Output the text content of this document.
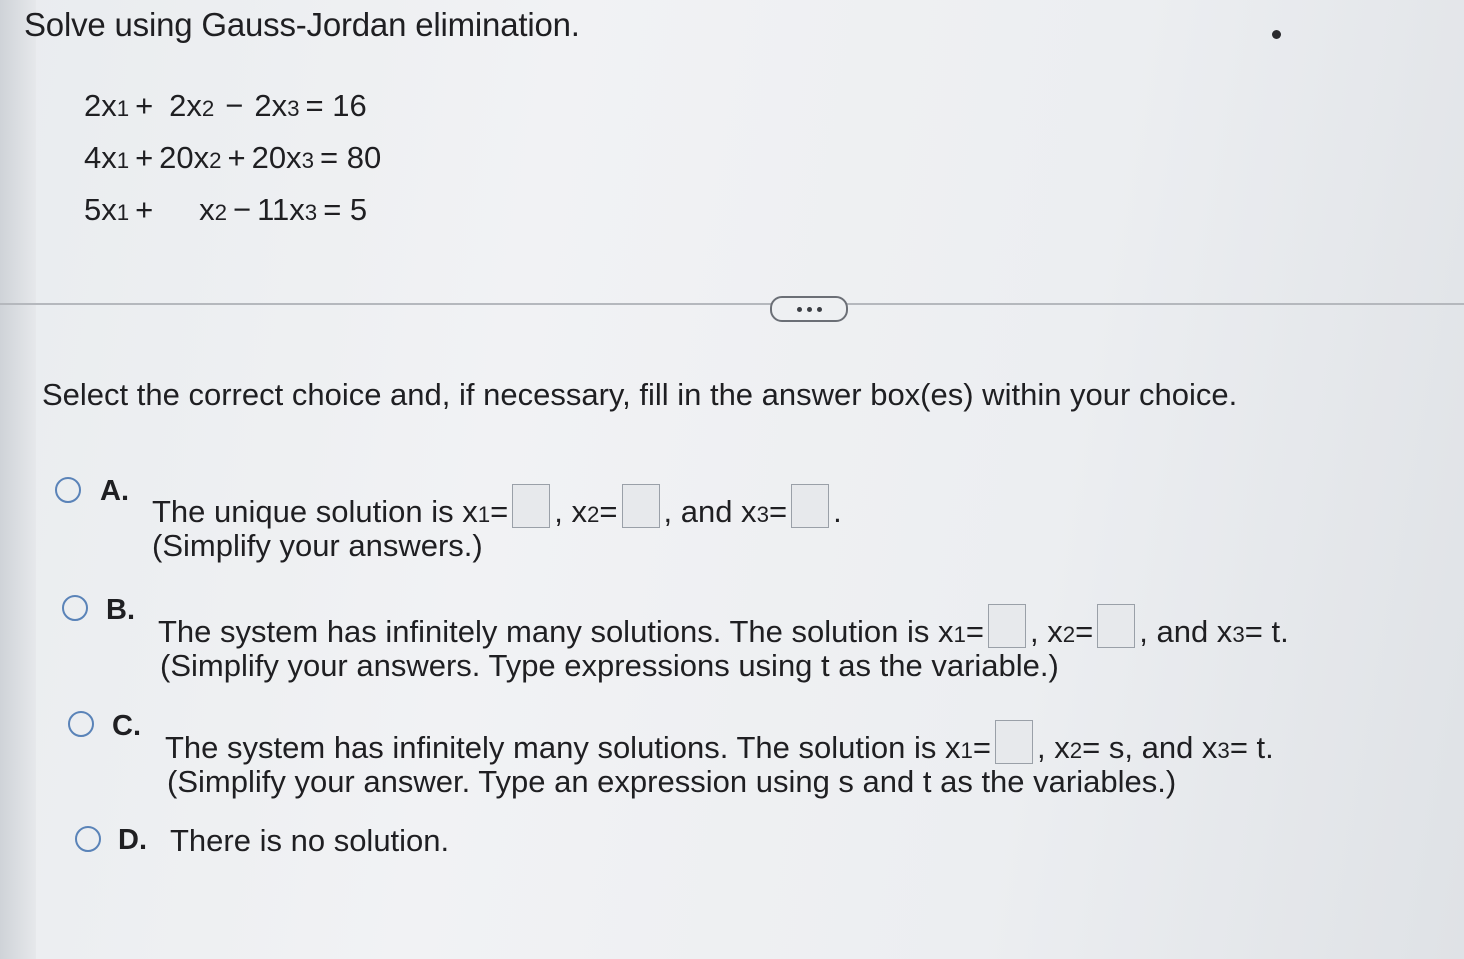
Solve using Gauss-Jordan elimination.
2x 1 + 2x 2 − 2x 3 = 16
4x 1 + 20x 2 + 20x 3 = 80
5x 1 + x 2 − 11x 3 = 5
Select the correct choice and, if necessary, fill in the answer box(es) within your choice.
A.
The unique solution is x 1 = , x 2 = , and x 3 = .
(Simplify your answers.)
B.
The system has infinitely many solutions. The solution is x 1 = , x 2 = , and x 3 = t.
(Simplify your answers. Type expressions using t as the variable.)
C.
The system has infinitely many solutions. The solution is x 1 = , x 2 = s, and x 3 = t.
(Simplify your answer. Type an expression using s and t as the variables.)
D. There is no solution.
